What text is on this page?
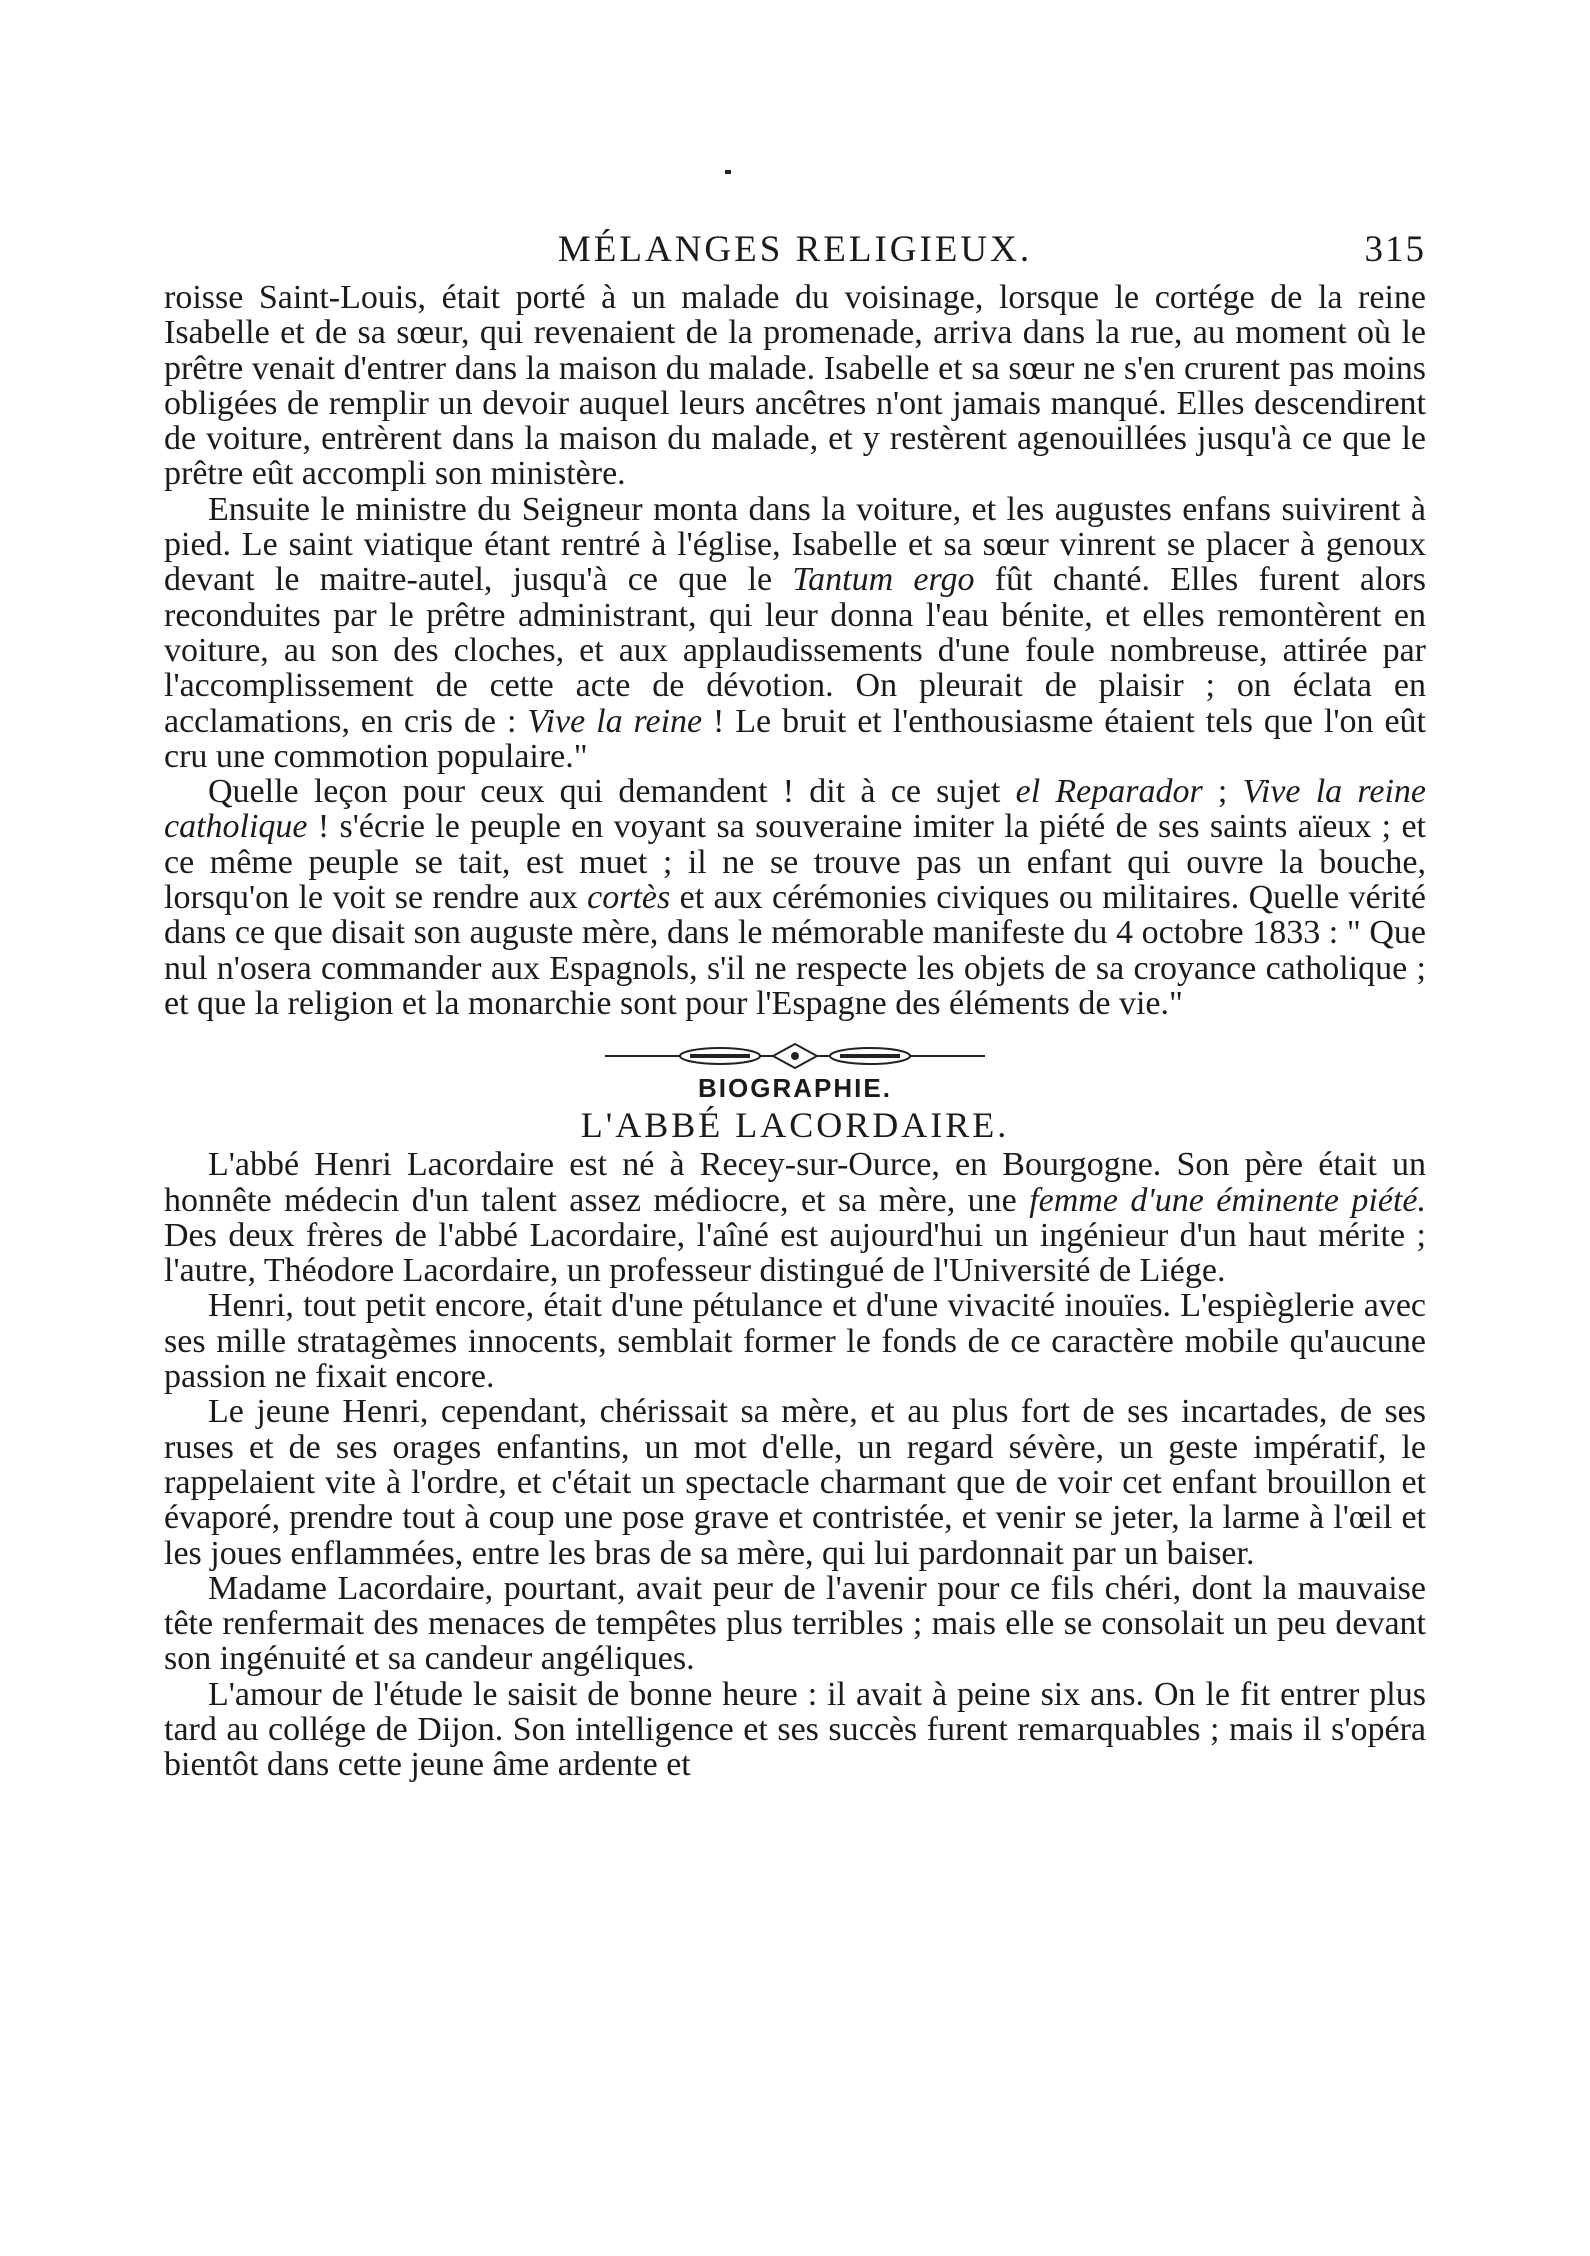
MÉLANGES RELIGIEUX.	315

roisse Saint-Louis, était porté à un malade du voisinage, lorsque le cortége de la reine Isabelle et de sa sœur, qui revenaient de la promenade, arriva dans la rue, au moment où le prêtre venait d'entrer dans la maison du malade. Isabelle et sa sœur ne s'en crurent pas moins obligées de remplir un devoir auquel leurs ancêtres n'ont jamais manqué. Elles descendirent de voiture, entrèrent dans la maison du malade, et y restèrent agenouillées jusqu'à ce que le prêtre eût accompli son ministère.

Ensuite le ministre du Seigneur monta dans la voiture, et les augustes enfans suivirent à pied. Le saint viatique étant rentré à l'église, Isabelle et sa sœur vinrent se placer à genoux devant le maitre-autel, jusqu'à ce que le Tantum ergo fût chanté. Elles furent alors reconduites par le prêtre administrant, qui leur donna l'eau bénite, et elles remontèrent en voiture, au son des cloches, et aux applaudissements d'une foule nombreuse, attirée par l'accomplissement de cette acte de dévotion. On pleurait de plaisir ; on éclata en acclamations, en cris de : Vive la reine ! Le bruit et l'enthousiasme étaient tels que l'on eût cru une commotion populaire."

Quelle leçon pour ceux qui demandent ! dit à ce sujet el Reparador ; Vive la reine catholique ! s'écrie le peuple en voyant sa souveraine imiter la piété de ses saints aïeux ; et ce même peuple se tait, est muet ; il ne se trouve pas un enfant qui ouvre la bouche, lorsqu'on le voit se rendre aux cortès et aux cérémonies civiques ou militaires. Quelle vérité dans ce que disait son auguste mère, dans le mémorable manifeste du 4 octobre 1833 : " Que nul n'osera commander aux Espagnols, s'il ne respecte les objets de sa croyance catholique ; et que la religion et la monarchie sont pour l'Espagne des éléments de vie."

BIOGRAPHIE.
L'ABBÉ LACORDAIRE.

L'abbé Henri Lacordaire est né à Recey-sur-Ource, en Bourgogne. Son père était un honnête médecin d'un talent assez médiocre, et sa mère, une femme d'une éminente piété. Des deux frères de l'abbé Lacordaire, l'aîné est aujourd'hui un ingénieur d'un haut mérite ; l'autre, Théodore Lacordaire, un professeur distingué de l'Université de Liége.

Henri, tout petit encore, était d'une pétulance et d'une vivacité inouïes. L'espièglerie avec ses mille stratagèmes innocents, semblait former le fonds de ce caractère mobile qu'aucune passion ne fixait encore.

Le jeune Henri, cependant, chérissait sa mère, et au plus fort de ses incartades, de ses ruses et de ses orages enfantins, un mot d'elle, un regard sévère, un geste impératif, le rappelaient vite à l'ordre, et c'était un spectacle charmant que de voir cet enfant brouillon et évaporé, prendre tout à coup une pose grave et contristée, et venir se jeter, la larme à l'œil et les joues enflammées, entre les bras de sa mère, qui lui pardonnait par un baiser.

Madame Lacordaire, pourtant, avait peur de l'avenir pour ce fils chéri, dont la mauvaise tête renfermait des menaces de tempêtes plus terribles ; mais elle se consolait un peu devant son ingénuité et sa candeur angéliques.

L'amour de l'étude le saisit de bonne heure : il avait à peine six ans. On le fit entrer plus tard au collége de Dijon. Son intelligence et ses succès furent remarquables ; mais il s'opéra bientôt dans cette jeune âme ardente et
